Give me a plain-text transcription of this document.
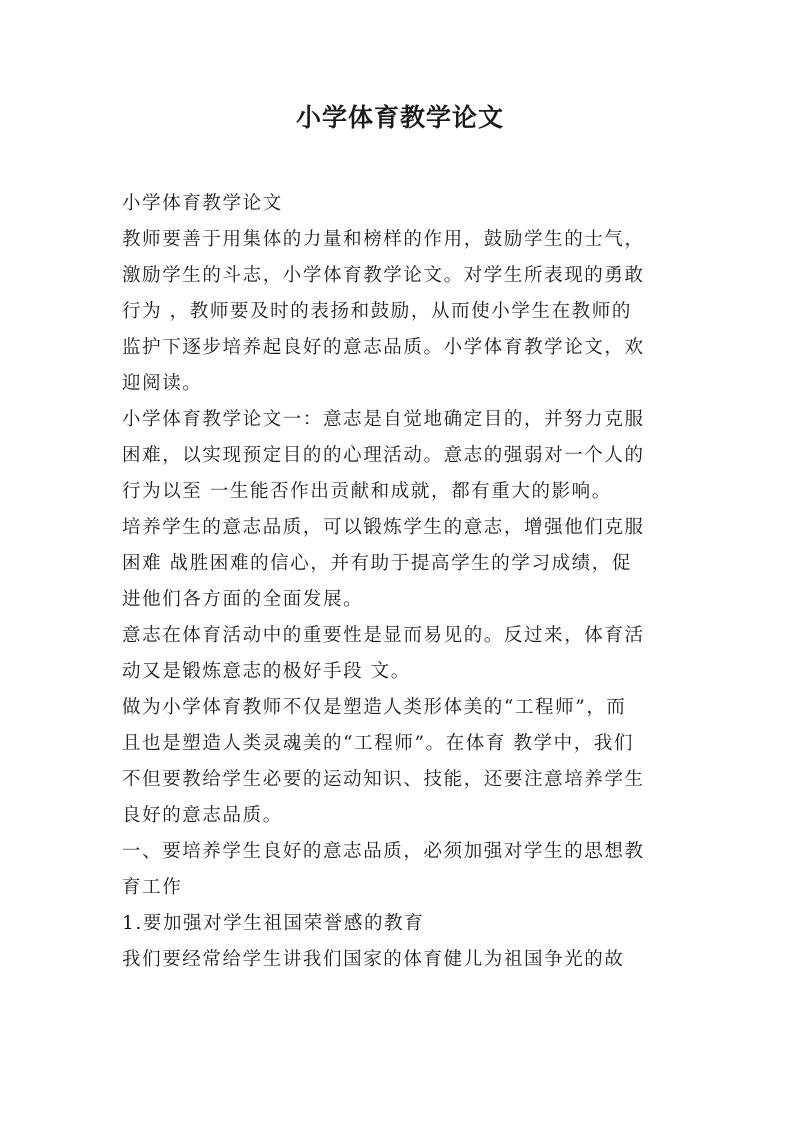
小学体育教学论文
小学体育教学论文
教师要善于用集体的力量和榜样的作用，鼓励学生的士气，
激励学生的斗志，小学体育教学论文。对学生所表现的勇敢
行为 ，教师要及时的表扬和鼓励，从而使小学生在教师的
监护下逐步培养起良好的意志品质。小学体育教学论文，欢
迎阅读。
小学体育教学论文一：意志是自觉地确定目的，并努力克服
困难，以实现预定目的的心理活动。意志的强弱对一个人的
行为以至 一生能否作出贡献和成就，都有重大的影响。
培养学生的意志品质，可以锻炼学生的意志，增强他们克服
困难 战胜困难的信心，并有助于提高学生的学习成绩，促
进他们各方面的全面发展。
意志在体育活动中的重要性是显而易见的。反过来，体育活
动又是锻炼意志的极好手段 文。
做为小学体育教师不仅是塑造人类形体美的“工程师”，而
且也是塑造人类灵魂美的“工程师”。在体育 教学中，我们
不但要教给学生必要的运动知识、技能，还要注意培养学生
良好的意志品质。
一、要培养学生良好的意志品质，必须加强对学生的思想教
育工作
1.要加强对学生祖国荣誉感的教育
我们要经常给学生讲我们国家的体育健儿为祖国争光的故
